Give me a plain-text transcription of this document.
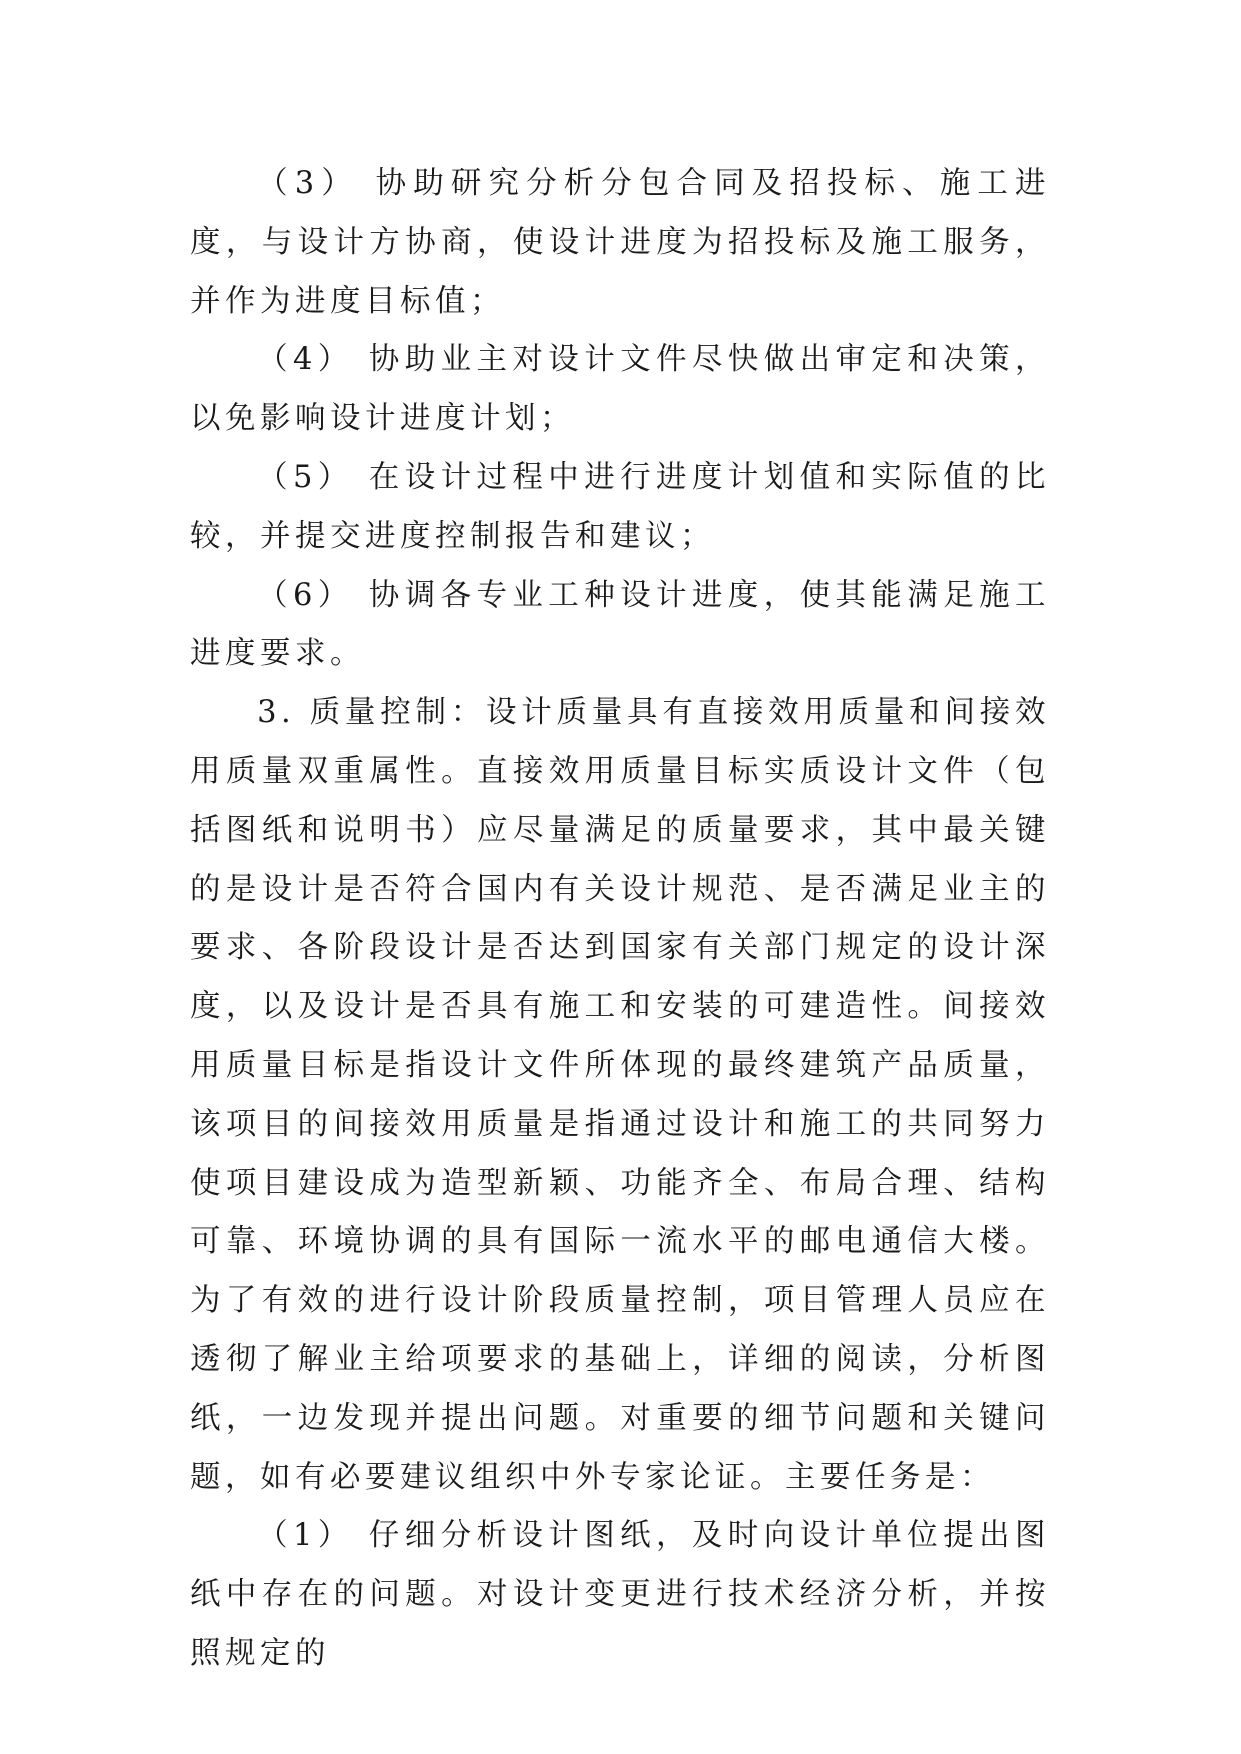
（3） 协助研究分析分包合同及招投标、施工进度，与设计方协商，使设计进度为招投标及施工服务，并作为进度目标值；

（4） 协助业主对设计文件尽快做出审定和决策，以免影响设计进度计划；

（5） 在设计过程中进行进度计划值和实际值的比较，并提交进度控制报告和建议；

（6） 协调各专业工种设计进度，使其能满足施工进度要求。

3. 质量控制：设计质量具有直接效用质量和间接效用质量双重属性。直接效用质量目标实质设计文件（包括图纸和说明书）应尽量满足的质量要求，其中最关键的是设计是否符合国内有关设计规范、是否满足业主的要求、各阶段设计是否达到国家有关部门规定的设计深度，以及设计是否具有施工和安装的可建造性。间接效用质量目标是指设计文件所体现的最终建筑产品质量，该项目的间接效用质量是指通过设计和施工的共同努力使项目建设成为造型新颖、功能齐全、布局合理、结构可靠、环境协调的具有国际一流水平的邮电通信大楼。为了有效的进行设计阶段质量控制，项目管理人员应在透彻了解业主给项要求的基础上，详细的阅读，分析图纸，一边发现并提出问题。对重要的细节问题和关键问题，如有必要建议组织中外专家论证。主要任务是：

（1） 仔细分析设计图纸，及时向设计单位提出图纸中存在的问题。对设计变更进行技术经济分析，并按照规定的
